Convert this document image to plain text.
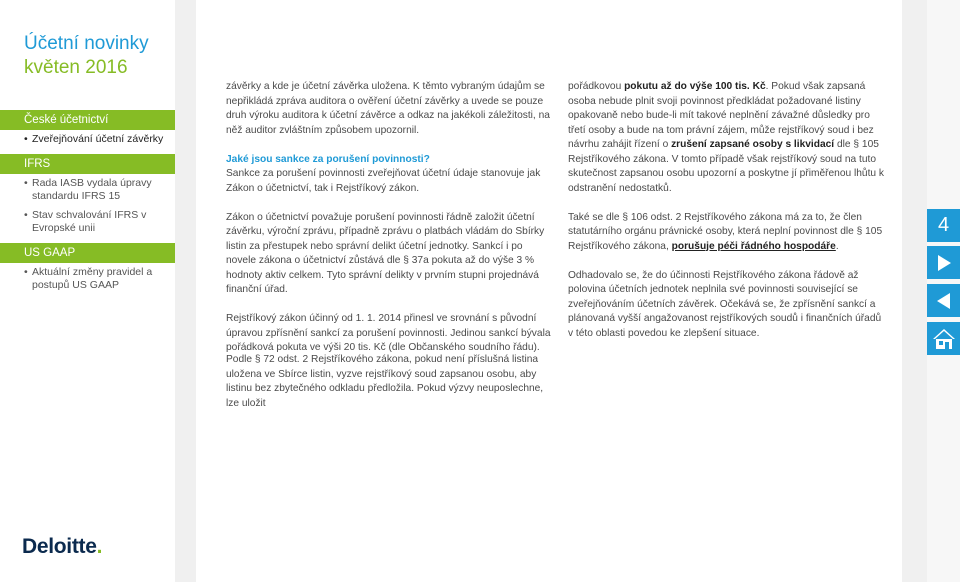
Účetní novinky
květen 2016
České účetnictví
• Zveřejňování účetní závěrky
IFRS
• Rada IASB vydala úpravy standardu IFRS 15
• Stav schvalování IFRS v Evropské unii
US GAAP
• Aktuální změny pravidel a postupů US GAAP
Deloitte.

závěrky a kde je účetní závěrka uložena. K těmto vybraným údajům se nepřikládá zpráva auditora o ověření účetní závěrky a uvede se pouze druh výroku auditora k účetní závěrce a odkaz na jakékoli záležitosti, na něž auditor zvláštním způsobem upozornil.

Jaké jsou sankce za porušení povinnosti?
Sankce za porušení povinnosti zveřejňovat účetní údaje stanovuje jak Zákon o účetnictví, tak i Rejstříkový zákon.

Zákon o účetnictví považuje porušení povinnosti řádně založit účetní závěrku, výroční zprávu, případně zprávu o platbách vládám do Sbírky listin za přestupek nebo správní delikt účetní jednotky. Sankcí i po novele zákona o účetnictví zůstává dle § 37a pokuta až do výše 3 % hodnoty aktiv celkem. Tyto správní delikty v prvním stupni projednává finanční úřad.

Rejstříkový zákon účinný od 1. 1. 2014 přinesl ve srovnání s původní úpravou zpřísnění sankcí za porušení povinnosti. Jedinou sankcí bývala pořádková pokuta ve výši 20 tis. Kč (dle Občanského soudního řádu).

Podle § 72 odst. 2 Rejstříkového zákona, pokud není příslušná listina uložena ve Sbírce listin, vyzve rejstříkový soud zapsanou osobu, aby listinu bez zbytečného odkladu předložila. Pokud výzvy neuposlechne, lze uložit

pořádkovou pokutu až do výše 100 tis. Kč. Pokud však zapsaná osoba nebude plnit svoji povinnost předkládat požadované listiny opakovaně nebo bude-li mít takové neplnění závažné důsledky pro třetí osoby a bude na tom právní zájem, může rejstříkový soud i bez návrhu zahájit řízení o zrušení zapsané osoby s likvidací dle § 105 Rejstříkového zákona. V tomto případě však rejstříkový soud na tuto skutečnost zapsanou osobu upozorní a poskytne jí přiměřenou lhůtu k odstranění nedostatků.

Také se dle § 106 odst. 2 Rejstříkového zákona má za to, že člen statutárního orgánu právnické osoby, která neplní povinnost dle § 105 Rejstříkového zákona, porušuje péči řádného hospodáře.

Odhadovalo se, že do účinnosti Rejstříkového zákona řádově až polovina účetních jednotek neplnila své povinnosti související se zveřejňováním účetních závěrek. Očekává se, že zpřísnění sankcí a plánovaná vyšší angažovanost rejstříkových soudů i finančních úřadů v této oblasti povedou ke zlepšení situace.

4
